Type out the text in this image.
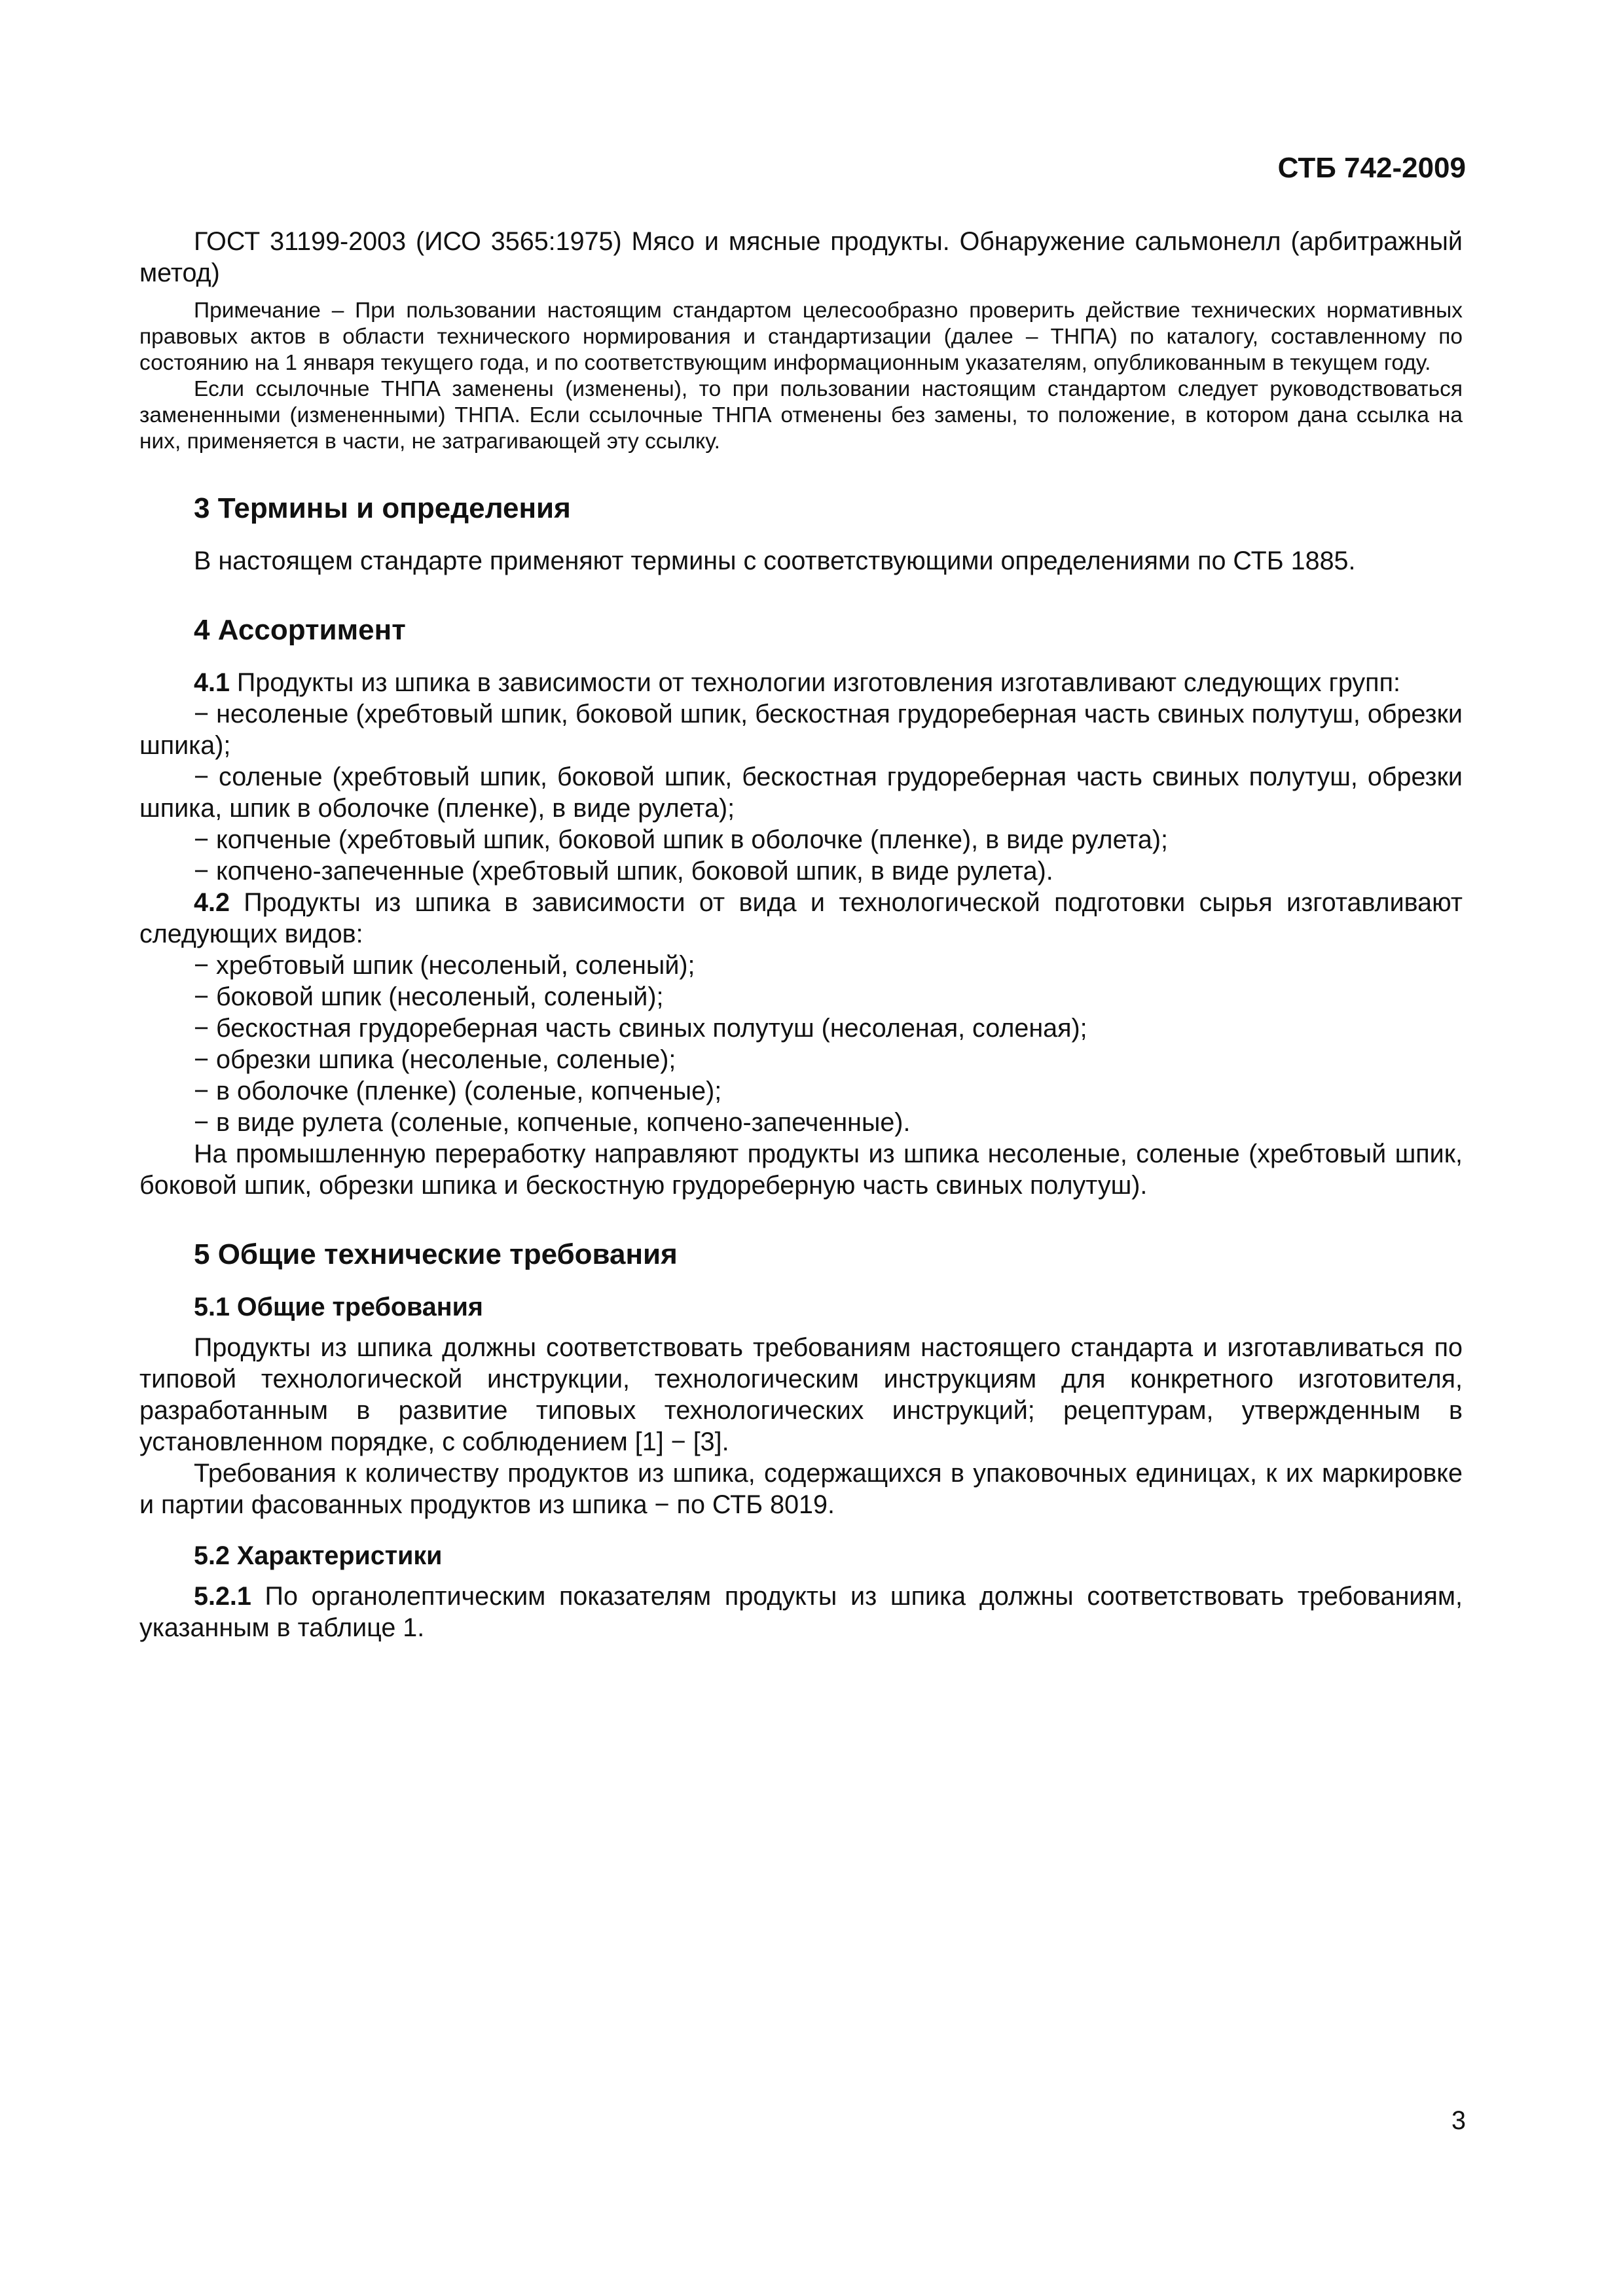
СТБ 742-2009

ГОСТ 31199-2003 (ИСО 3565:1975) Мясо и мясные продукты. Обнаружение сальмонелл (арбитражный метод)

Примечание – При пользовании настоящим стандартом целесообразно проверить действие технических нормативных правовых актов в области технического нормирования и стандартизации (далее – ТНПА) по каталогу, составленному по состоянию на 1 января текущего года, и по соответствующим информационным указателям, опубликованным в текущем году.

Если ссылочные ТНПА заменены (изменены), то при пользовании настоящим стандартом следует руководствоваться замененными (измененными) ТНПА. Если ссылочные ТНПА отменены без замены, то положение, в котором дана ссылка на них, применяется в части, не затрагивающей эту ссылку.

3 Термины и определения

В настоящем стандарте применяют термины с соответствующими определениями по СТБ 1885.

4 Ассортимент

4.1 Продукты из шпика в зависимости от технологии изготовления изготавливают следующих групп:

− несоленые (хребтовый шпик, боковой шпик, бескостная грудореберная часть свиных полутуш, обрезки шпика);

− соленые (хребтовый шпик, боковой шпик, бескостная грудореберная часть свиных полутуш, обрезки шпика, шпик в оболочке (пленке), в виде рулета);

− копченые (хребтовый шпик, боковой шпик в оболочке (пленке), в виде рулета);

− копчено-запеченные (хребтовый шпик, боковой шпик, в виде рулета).

4.2 Продукты из шпика в зависимости от вида и технологической подготовки сырья изготавливают следующих видов:

− хребтовый шпик (несоленый, соленый);

− боковой шпик (несоленый, соленый);

− бескостная грудореберная часть свиных полутуш (несоленая, соленая);

− обрезки шпика (несоленые, соленые);

− в оболочке (пленке) (соленые, копченые);

− в виде рулета (соленые, копченые, копчено-запеченные).

На промышленную переработку направляют продукты из шпика несоленые, соленые (хребтовый шпик, боковой шпик, обрезки шпика и бескостную грудореберную часть свиных полутуш).

5 Общие технические требования
5.1 Общие требования

Продукты из шпика должны соответствовать требованиям настоящего стандарта и изготавливаться по типовой технологической инструкции, технологическим инструкциям для конкретного изготовителя, разработанным в развитие типовых технологических инструкций; рецептурам, утвержденным в установленном порядке, с соблюдением [1] − [3].

Требования к количеству продуктов из шпика, содержащихся в упаковочных единицах, к их маркировке и партии фасованных продуктов из шпика − по СТБ 8019.

5.2 Характеристики

5.2.1 По органолептическим показателям продукты из шпика должны соответствовать требованиям, указанным в таблице 1.

3
